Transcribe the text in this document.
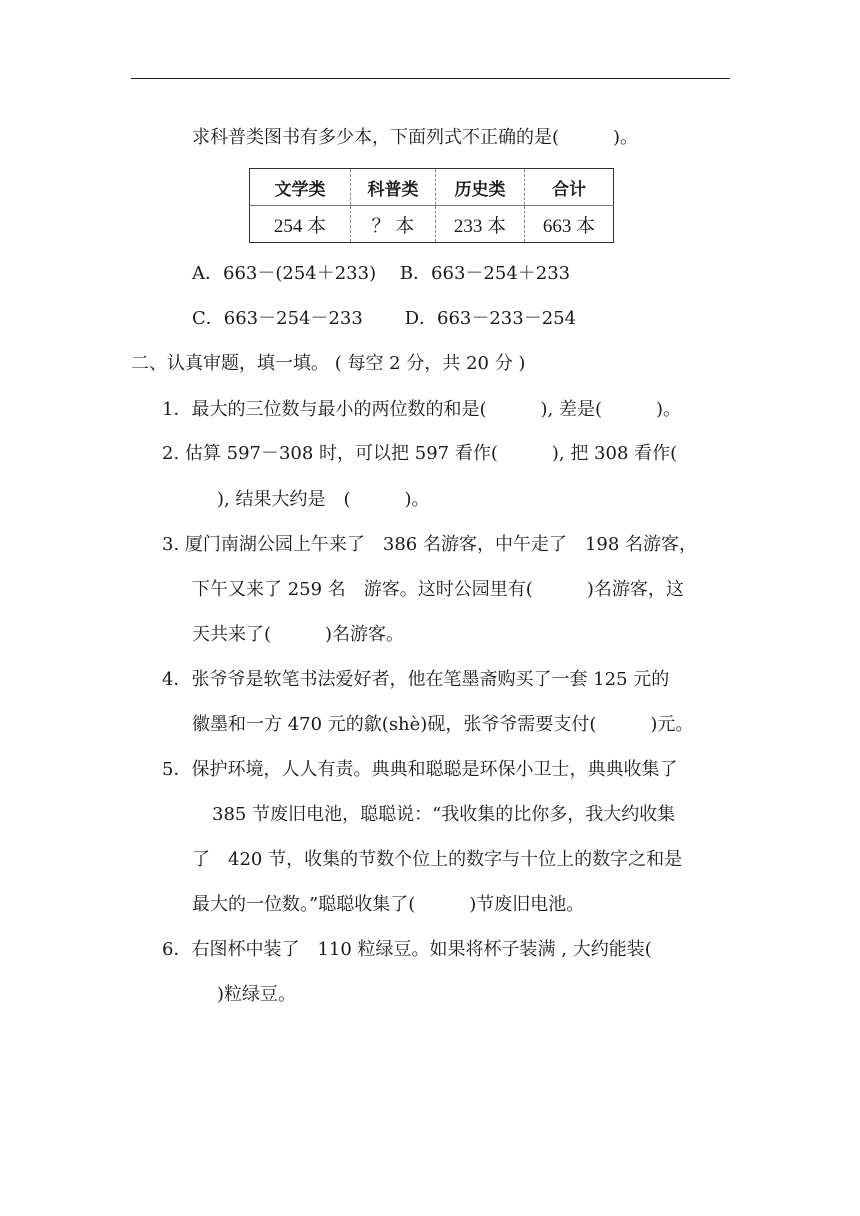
求科普类图书有多少本，下面列式不正确的是(　　　)。
文学类	科普类	历史类	合计
254 本	？ 本	233 本	663 本
A．663－(254＋233)　 B．663－254＋233
C．663－254－233　　 D．663－233－254
二、认真审题，填一填。 ( 每空 2 分，共 20 分 )
1．最大的三位数与最小的两位数的和是(　　　), 差是(　　　)。
2. 估算 597－308 时，可以把 597 看作(　　　), 把 308 看作(
), 结果大约是　(　　　)。
3. 厦门南湖公园上午来了　386 名游客，中午走了　198 名游客，
下午又来了 259 名　游客。这时公园里有(　　　)名游客，这
天共来了(　　　)名游客。
4．张爷爷是软笔书法爱好者，他在笔墨斋购买了一套 125 元的
徽墨和一方 470 元的歙(shè)砚，张爷爷需要支付(　　　)元。
5．保护环境，人人有责。典典和聪聪是环保小卫士，典典收集了
385 节废旧电池，聪聪说：“我收集的比你多，我大约收集
了　420 节，收集的节数个位上的数字与十位上的数字之和是
最大的一位数。”聪聪收集了(　　　)节废旧电池。
6．右图杯中装了　110 粒绿豆。如果将杯子装满 , 大约能装(
)粒绿豆。
